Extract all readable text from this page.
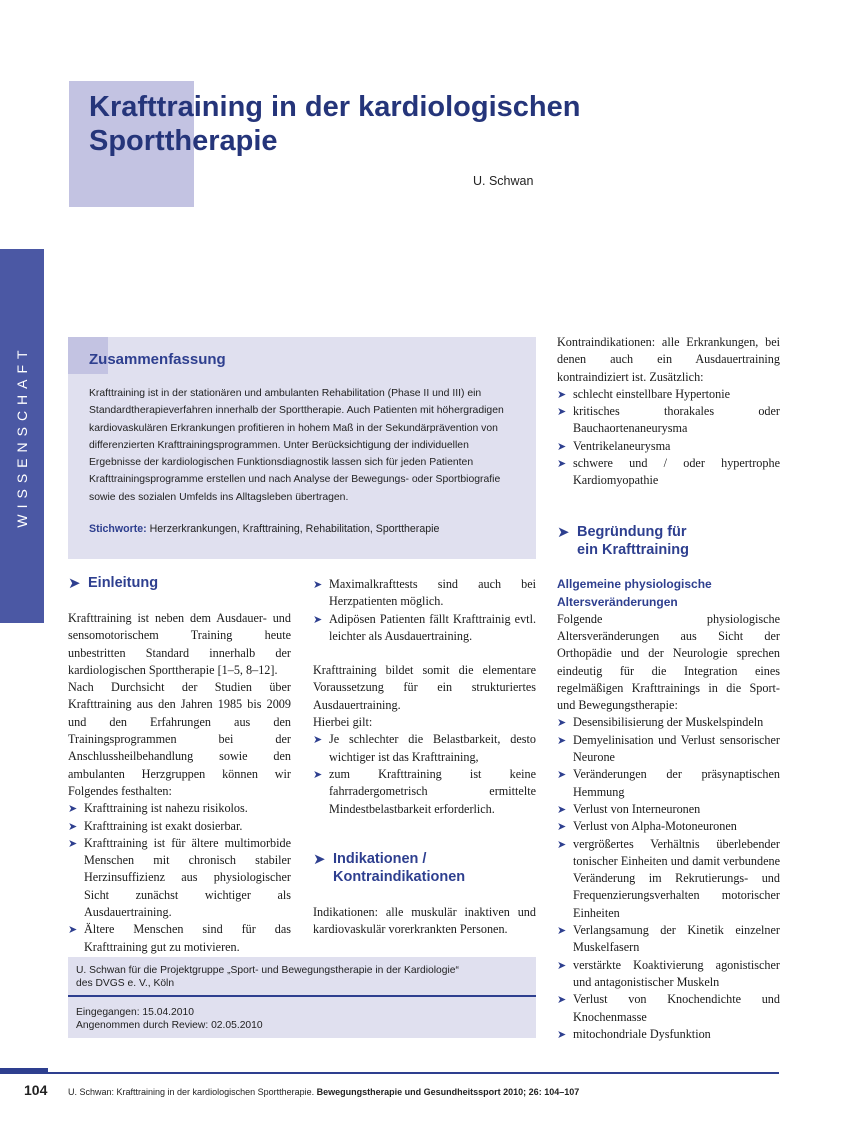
Krafttraining in der kardiologischen
Sporttherapie
U. Schwan
WISSENSCHAFT	Zusammenfassung

Krafttraining ist in der stationären und ambulanten Rehabilitation (Phase II und III) ein Standardtherapieverfahren innerhalb der Sporttherapie. Auch Patienten mit höhergradigen kardiovaskulären Erkrankungen profitieren in hohem Maß in der Sekundärprävention von differenzierten Krafttrainingsprogrammen. Unter Berücksichtigung der individuellen Ergebnisse der kardiologischen Funktionsdiagnostik lassen sich für jeden Patienten Krafttrainingsprogramme erstellen und nach Analyse der Bewegungs- oder Sportbiografie sowie des sozialen Umfelds ins Alltagsleben übertragen.

Stichworte: Herzerkrankungen, Krafttraining, Rehabilitation, Sporttherapie
➤ Einleitung

Krafttraining ist neben dem Ausdauer- und sensomotorischem Training heute unbestritten Standard innerhalb der kardiologischen Sporttherapie [1–5, 8–12].

Nach Durchsicht der Studien über Krafttraining aus den Jahren 1985 bis 2009 und den Erfahrungen aus den Trainingsprogrammen bei der Anschlussheilbehandlung sowie den ambulanten Herzgruppen können wir Folgendes festhalten:

➤ Krafttraining ist nahezu risikolos.
➤ Krafttraining ist exakt dosierbar.
➤ Krafttraining ist für ältere multimorbide Menschen mit chronisch stabiler Herzinsuffizienz aus physiologischer Sicht zunächst wichtiger als Ausdauertraining.
➤ Ältere Menschen sind für das Krafttraining gut zu motivieren.
➤ Maximalkrafttests sind auch bei Herzpatienten möglich.
➤ Adipösen Patienten fällt Krafttrainig evtl. leichter als Ausdauertraining.

Krafttraining bildet somit die elementare Voraussetzung für ein strukturiertes Ausdauertraining.

Hierbei gilt:

➤ Je schlechter die Belastbarkeit, desto wichtiger ist das Krafttraining,
➤ zum Krafttraining ist keine fahrradergometrisch ermittelte Mindestbelastbarkeit erforderlich.
➤ Indikationen /
Kontraindikationen

Indikationen: alle muskulär inaktiven und kardiovaskulär vorerkrankten Personen.

Kontraindikationen: alle Erkrankungen, bei denen auch ein Ausdauertraining kontraindiziert ist. Zusätzlich:

➤ schlecht einstellbare Hypertonie
➤ kritisches thorakales oder Bauchaortenaneurysma
➤ Ventrikelaneurysma
➤ schwere und / oder hypertrophe Kardiomyopathie
➤ Begründung für
ein Krafttraining
Allgemeine physiologische
Altersveränderungen

Folgende physiologische Altersveränderungen aus Sicht der Orthopädie und der Neurologie sprechen eindeutig für die Integration eines regelmäßigen Krafttrainings in die Sport- und Bewegungstherapie:

➤ Desensibilisierung der Muskelspindeln
➤ Demyelinisation und Verlust sensorischer Neurone
➤ Veränderungen der präsynaptischen Hemmung
➤ Verlust von Interneuronen
➤ Verlust von Alpha-Motoneuronen
➤ vergrößertes Verhältnis überlebender tonischer Einheiten und damit verbundene Veränderung im Rekrutierungs- und Frequenzierungsverhalten motorischer Einheiten
➤ Verlangsamung der Kinetik einzelner Muskelfasern
➤ verstärkte Koaktivierung agonistischer und antagonistischer Muskeln
➤ Verlust von Knochendichte und Knochenmasse
➤ mitochondriale Dysfunktion
U. Schwan für die Projektgruppe „Sport- und Bewegungstherapie in der Kardiologie“
des DVGS e. V., Köln
Eingegangen: 15.04.2010
Angenommen durch Review: 02.05.2010
104 U. Schwan: Krafttraining in der kardiologischen Sporttherapie. Bewegungstherapie und Gesundheitssport 2010; 26: 104–107
